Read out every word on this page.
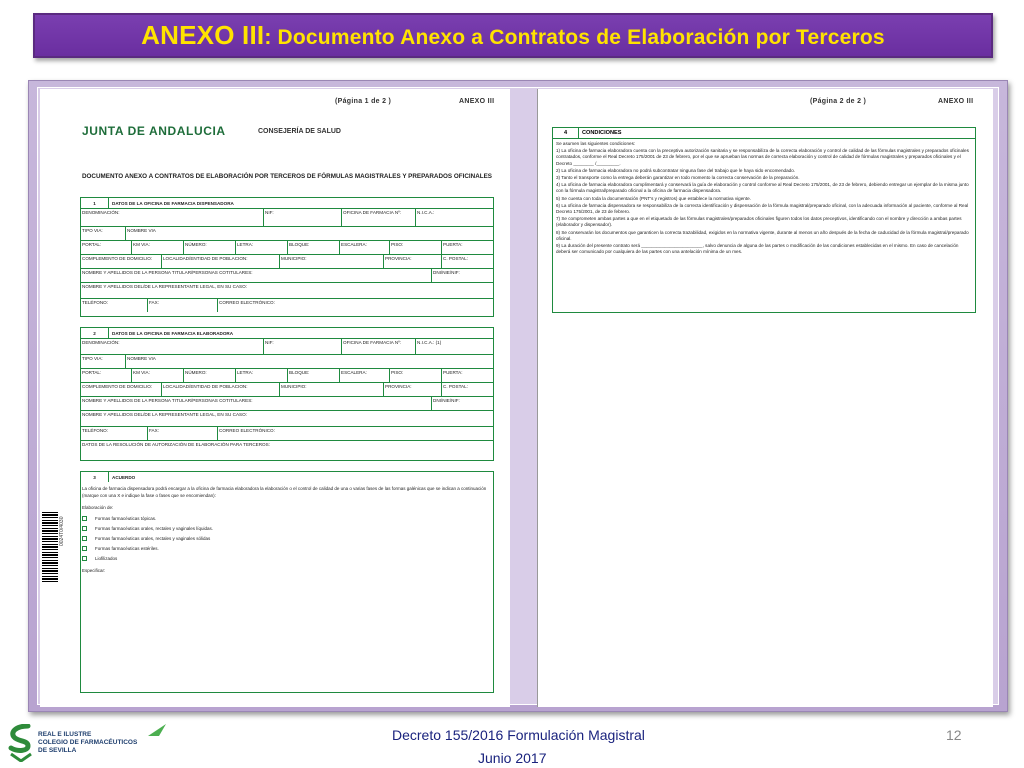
ANEXO III: Documento Anexo a Contratos de Elaboración por Terceros
(Página 1 de 2 )	ANEXO III
JUNTA DE ANDALUCIA	CONSEJERÍA DE SALUD
DOCUMENTO ANEXO A CONTRATOS DE ELABORACIÓN POR TERCEROS DE FÓRMULAS MAGISTRALES Y PREPARADOS OFICINALES
1	DATOS DE LA OFICINA DE FARMACIA DISPENSADORA
DENOMINACIÓN:	NIF:	OFICINA DE FARMACIA Nº:	N.I.C.A.:
TIPO VIA:	NOMBRE VIA
PORTAL:	KM VIA:	NÚMERO:	LETRA:	BLOQUE:	ESCALERA:	PISO:	PUERTA:
COMPLEMENTO DE DOMICILIO:	LOCALIDAD/ENTIDAD DE POBLACION:	MUNICIPIO:	PROVINCIA:	C. POSTAL:
NOMBRE Y APELLIDOS DE LA PERSONA TITULAR/PERSONAS COTITULARES:	DNI/NIE/NIF:
NOMBRE Y APELLIDOS DEL/DE LA REPRESENTANTE LEGAL, EN SU CASO:
TELÉFONO:	FAX:	CORREO ELECTRÓNICO:
2	DATOS DE LA OFICINA DE FARMACIA ELABORADORA
DENOMINACIÓN:	NIF:	OFICINA DE FARMACIA Nº:	N.I.C.A.: (1)
TIPO VIA:	NOMBRE VIA
PORTAL:	KM VIA:	NÚMERO:	LETRA:	BLOQUE:	ESCALERA:	PISO:	PUERTA:
COMPLEMENTO DE DOMICILIO:	LOCALIDAD/ENTIDAD DE POBLACION:	MUNICIPIO:	PROVINCIA:	C. POSTAL:
NOMBRE Y APELLIDOS DE LA PERSONA TITULAR/PERSONAS COTITULARES:	DNI/NIE/NIF:
NOMBRE Y APELLIDOS DEL/DE LA REPRESENTANTE LEGAL, EN SU CASO:
TELÉFONO:	FAX:	CORREO ELECTRÓNICO:
DATOS DE LA RESOLUCIÓN DE AUTORIZACIÓN DE ELABORACIÓN PARA TERCEROS:
3	ACUERDO
La oficina de farmacia dispensadora podrá encargar a la oficina de farmacia elaboradora la elaboración o el control de calidad de una o varias fases de las formas galénicas que se indican a continuación (marque con una X e indique la fase o fases que se encomiendan):
Elaboración de:
Formas farmacéuticas tópicas.
Formas farmacéuticas orales, rectales y vaginales líquidas.
Formas farmacéuticas orales, rectales y vaginales sólidas
Formas farmacéuticas estériles.
Liofilizados
Especificar:
0024T0/4030
(Página 2 de 2 )	ANEXO III
4	CONDICIONES

Se asumen las siguientes condiciones:

1) La oficina de farmacia elaboradora cuenta con la preceptiva autorización sanitaria y se responsabiliza de la correcta elaboración y control de calidad de las fórmulas magistrales y preparados oficinales contratados, conforme el Real Decreto 175/2001 de 23 de febrero, por el que se aprueban las normas de correcta elaboración y control de calidad de fórmulas magistrales y preparados oficinales y el Decreto ________ /_________.

2) La oficina de farmacia elaboradora no podrá subcontratar ninguna fase del trabajo que le haya sido encomendado.

3) Tanto el transporte como la entrega deberán garantizar en todo momento la correcta conservación de la preparación.

4) La oficina de farmacia elaboradora cumplimentará y conservará la guía de elaboración y control conforme al Real Decreto 175/2001, de 23 de febrero, debiendo entregar un ejemplar de la misma junto con la fórmula magistral/preparado oficinal a la oficina de farmacia dispensadora.

5) Se cuenta con toda la documentación (PNT's y registros) que establece la normativa vigente.

6) La oficina de farmacia dispensadora se responsabiliza de la correcta identificación y dispensación de la fórmula magistral/preparado oficinal, con la adecuada información al paciente, conforme al Real Decreto 175/2001, de 23 de febrero.

7) Se comprometen ambas partes a que en el etiquetado de las fórmulas magistrales/preparados oficinales figuren todos los datos preceptivos, identificando con el nombre y dirección a ambas partes (elaborador y dispensador).

8) Se conservarán los documentos que garanticen la correcta trazabilidad, exigidos en la normativa vigente, durante al menos un año después de la fecha de caducidad de la fórmula magistral/preparado oficinal.

9) La duración del presente contrato será ________________________, salvo denuncia de alguna de las partes o modificación de las condiciones establecidas en el mismo. En caso de cancelación deberá ser comunicado por cualquiera de las partes con una antelación mínima de un mes.

REAL E ILUSTRE
COLEGIO DE FARMACÉUTICOS
DE SEVILLA
Decreto 155/2016 Formulación Magistral
Junio 2017
12
